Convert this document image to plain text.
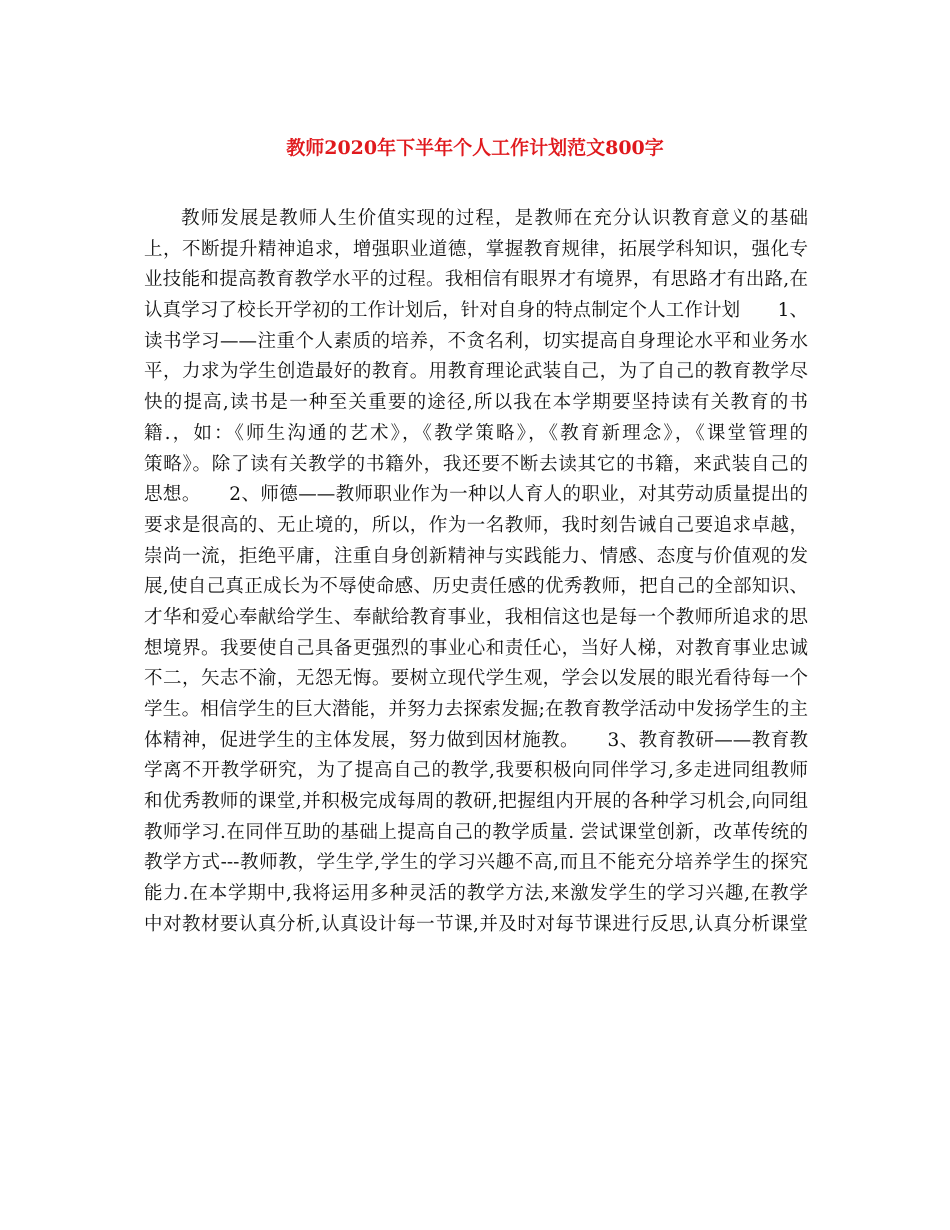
教师2020年下半年个人工作计划范文800字
教师发展是教师人生价值实现的过程，是教师在充分认识教育意义的基础
上，不断提升精神追求，增强职业道德，掌握教育规律，拓展学科知识，强化专
业技能和提高教育教学水平的过程。我相信有眼界才有境界，有思路才有出路,在
认真学习了校长开学初的工作计划后，针对自身的特点制定个人工作计划　　1、
读书学习——注重个人素质的培养，不贪名利，切实提高自身理论水平和业务水
平，力求为学生创造最好的教育。用教育理论武装自己，为了自己的教育教学尽
快的提高,读书是一种至关重要的途径,所以我在本学期要坚持读有关教育的书
籍.，如：《师生沟通的艺术》，《教学策略》，《教育新理念》，《课堂管理的
策略》。除了读有关教学的书籍外，我还要不断去读其它的书籍，来武装自己的
思想。　　2、师德——教师职业作为一种以人育人的职业，对其劳动质量提出的
要求是很高的、无止境的，所以，作为一名教师，我时刻告诫自己要追求卓越，
崇尚一流，拒绝平庸，注重自身创新精神与实践能力、情感、态度与价值观的发
展,使自己真正成长为不辱使命感、历史责任感的优秀教师，把自己的全部知识、
才华和爱心奉献给学生、奉献给教育事业，我相信这也是每一个教师所追求的思
想境界。我要使自己具备更强烈的事业心和责任心，当好人梯，对教育事业忠诚
不二，矢志不渝，无怨无悔。要树立现代学生观，学会以发展的眼光看待每一个
学生。相信学生的巨大潜能，并努力去探索发掘;在教育教学活动中发扬学生的主
体精神，促进学生的主体发展，努力做到因材施教。　　3、教育教研——教育教
学离不开教学研究，为了提高自己的教学,我要积极向同伴学习,多走进同组教师
和优秀教师的课堂,并积极完成每周的教研,把握组内开展的各种学习机会,向同组
教师学习.在同伴互助的基础上提高自己的教学质量. 尝试课堂创新，改革传统的
教学方式---教师教，学生学,学生的学习兴趣不高,而且不能充分培养学生的探究
能力.在本学期中,我将运用多种灵活的教学方法,来激发学生的学习兴趣,在教学
中对教材要认真分析,认真设计每一节课,并及时对每节课进行反思,认真分析课堂
